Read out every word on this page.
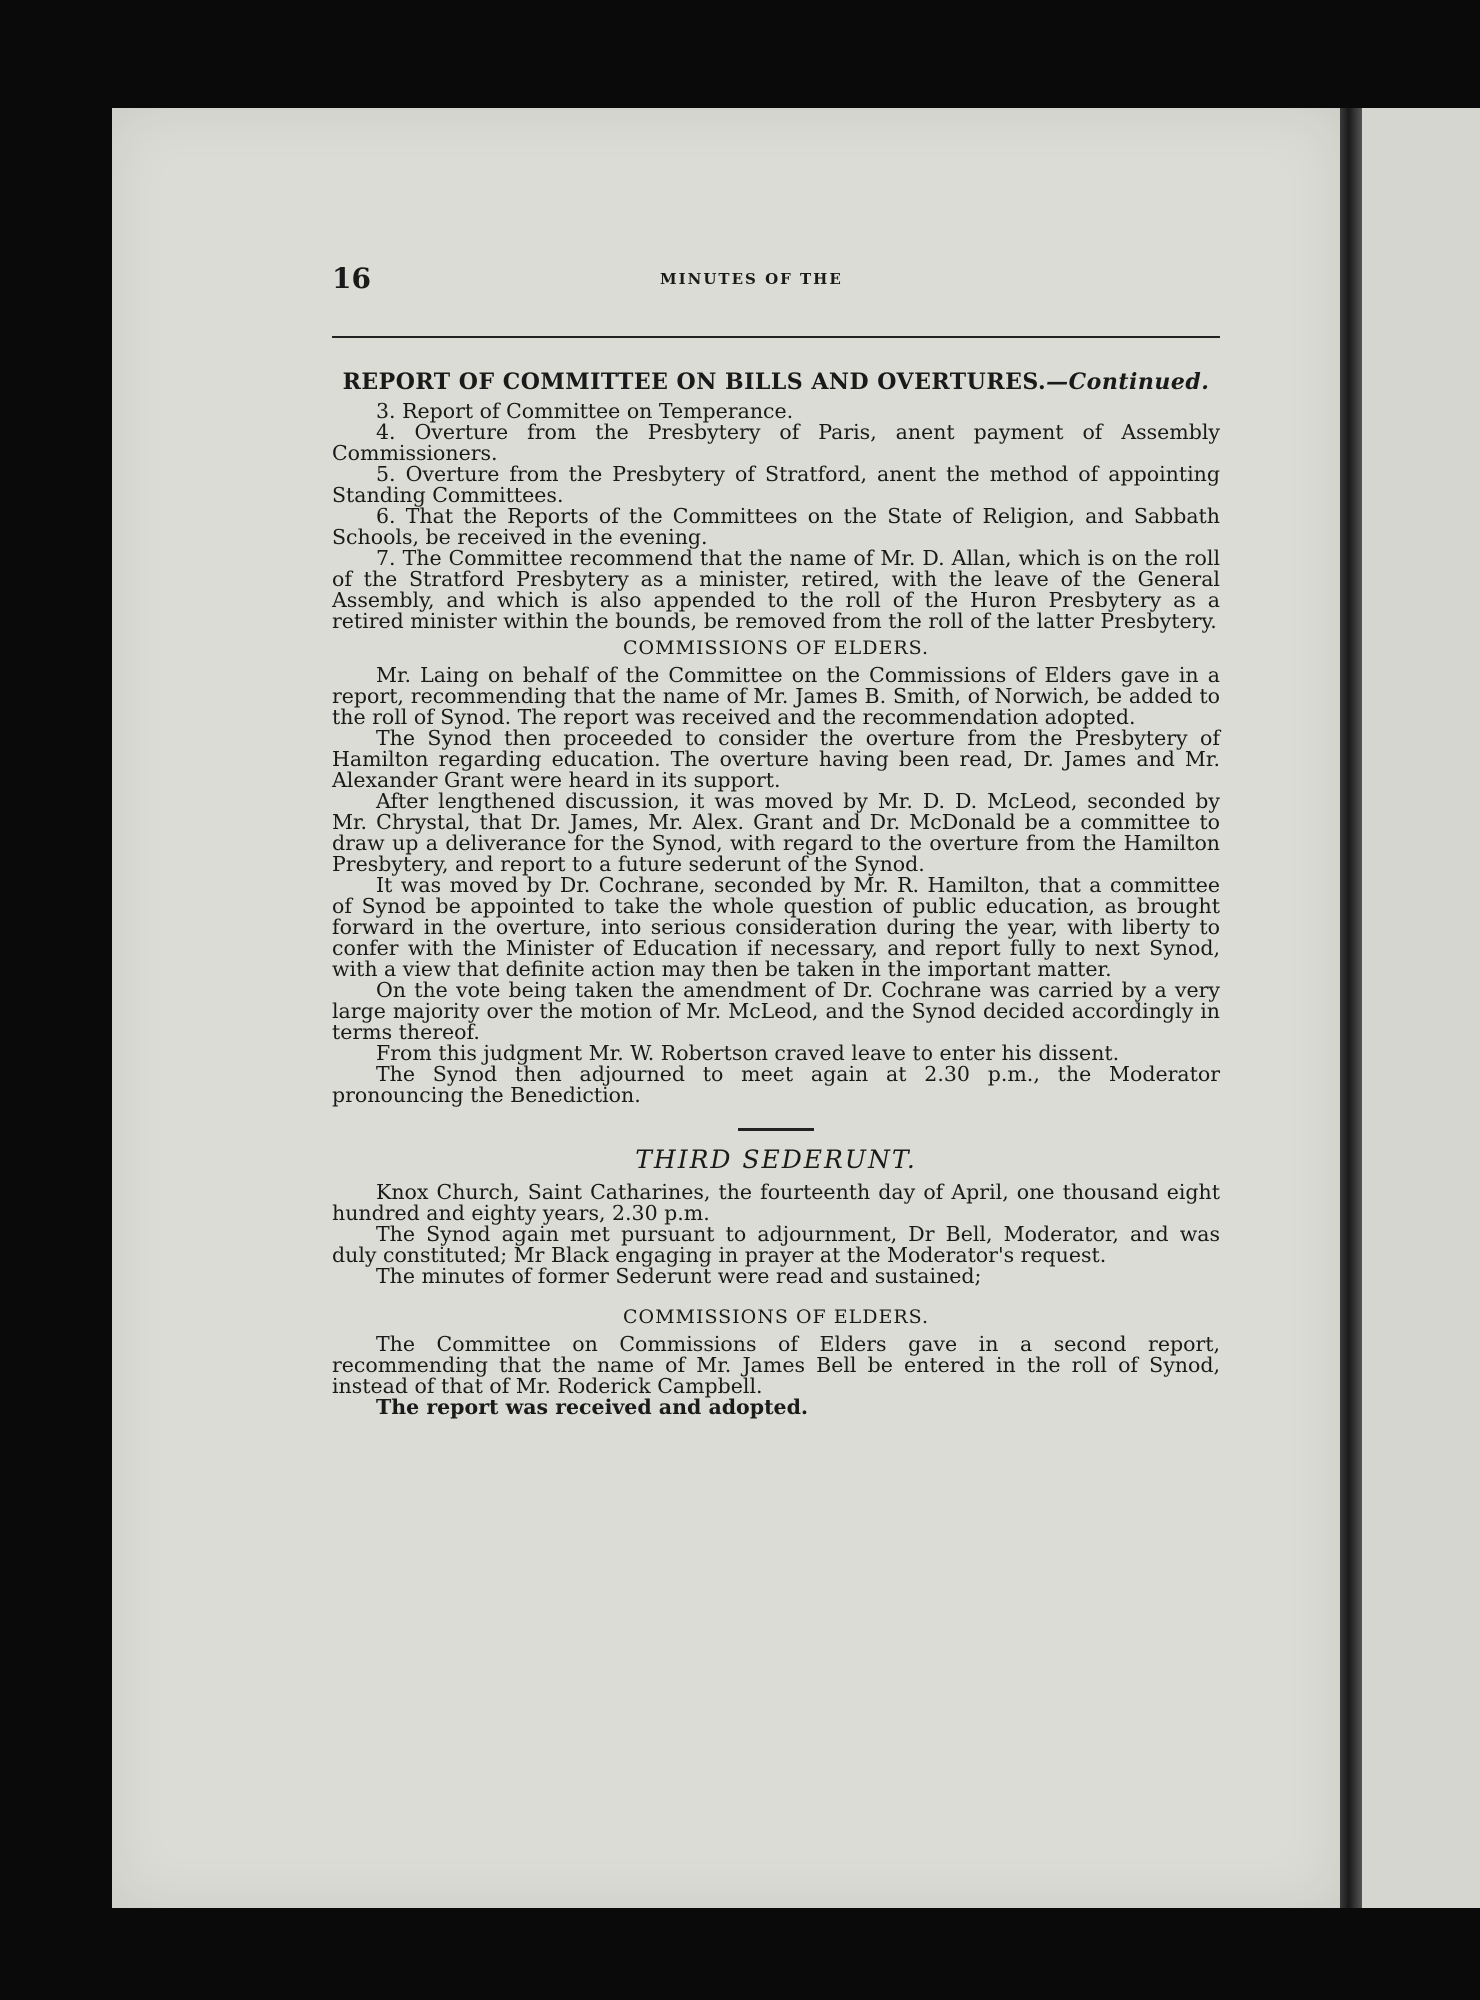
16	MINUTES OF THE
REPORT OF COMMITTEE ON BILLS AND OVERTURES.—Continued.

3. Report of Committee on Temperance.

4. Overture from the Presbytery of Paris, anent payment of Assembly Commissioners.

5. Overture from the Presbytery of Stratford, anent the method of appointing Standing Committees.

6. That the Reports of the Committees on the State of Religion, and Sabbath Schools, be received in the evening.

7. The Committee recommend that the name of Mr. D. Allan, which is on the roll of the Stratford Presbytery as a minister, retired, with the leave of the General Assembly, and which is also appended to the roll of the Huron Presbytery as a retired minister within the bounds, be removed from the roll of the latter Presbytery.

COMMISSIONS OF ELDERS.

Mr. Laing on behalf of the Committee on the Commissions of Elders gave in a report, recommending that the name of Mr. James B. Smith, of Norwich, be added to the roll of Synod. The report was received and the recommendation adopted.

The Synod then proceeded to consider the overture from the Presbytery of Hamilton regarding education. The overture having been read, Dr. James and Mr. Alexander Grant were heard in its support.

After lengthened discussion, it was moved by Mr. D. D. McLeod, seconded by Mr. Chrystal, that Dr. James, Mr. Alex. Grant and Dr. McDonald be a committee to draw up a deliverance for the Synod, with regard to the overture from the Hamilton Presbytery, and report to a future sederunt of the Synod.

It was moved by Dr. Cochrane, seconded by Mr. R. Hamilton, that a committee of Synod be appointed to take the whole question of public education, as brought forward in the overture, into serious consideration during the year, with liberty to confer with the Minister of Education if necessary, and report fully to next Synod, with a view that definite action may then be taken in the important matter.

On the vote being taken the amendment of Dr. Cochrane was carried by a very large majority over the motion of Mr. McLeod, and the Synod decided accordingly in terms thereof.

From this judgment Mr. W. Robertson craved leave to enter his dissent.

The Synod then adjourned to meet again at 2.30 p.m., the Moderator pronouncing the Benediction.

THIRD SEDERUNT.

Knox Church, Saint Catharines, the fourteenth day of April, one thousand eight hundred and eighty years, 2.30 p.m.

The Synod again met pursuant to adjournment, Dr Bell, Moderator, and was duly constituted; Mr Black engaging in prayer at the Moderator's request.

The minutes of former Sederunt were read and sustained;

COMMISSIONS OF ELDERS.

The Committee on Commissions of Elders gave in a second report, recommending that the name of Mr. James Bell be entered in the roll of Synod, instead of that of Mr. Roderick Campbell.

The report was received and adopted.
